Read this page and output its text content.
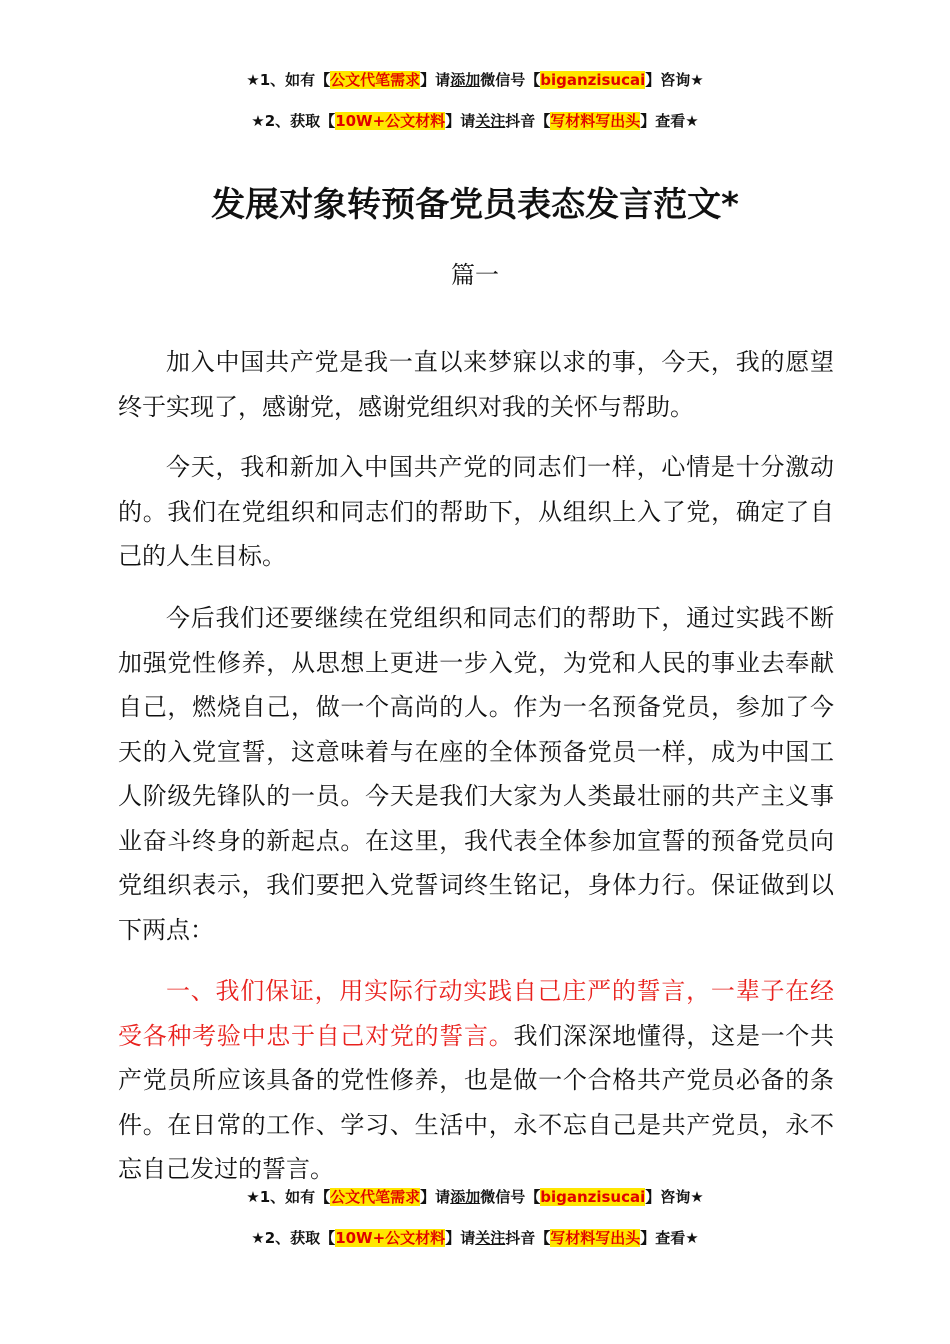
★1、如有【公文代笔需求】请添加微信号【biganzisucai】咨询★
★2、获取【10W+公文材料】请关注抖音【写材料写出头】查看★
发展对象转预备党员表态发言范文*
篇一

加入中国共产党是我一直以来梦寐以求的事，今天，我的愿望终于实现了，感谢党，感谢党组织对我的关怀与帮助。

今天，我和新加入中国共产党的同志们一样，心情是十分激动的。我们在党组织和同志们的帮助下，从组织上入了党，确定了自己的人生目标。

今后我们还要继续在党组织和同志们的帮助下，通过实践不断加强党性修养，从思想上更进一步入党，为党和人民的事业去奉献自己，燃烧自己，做一个高尚的人。作为一名预备党员，参加了今天的入党宣誓，这意味着与在座的全体预备党员一样，成为中国工人阶级先锋队的一员。今天是我们大家为人类最壮丽的共产主义事业奋斗终身的新起点。在这里，我代表全体参加宣誓的预备党员向党组织表示，我们要把入党誓词终生铭记，身体力行。保证做到以下两点：

一、我们保证，用实际行动实践自己庄严的誓言，一辈子在经受各种考验中忠于自己对党的誓言。我们深深地懂得，这是一个共产党员所应该具备的党性修养，也是做一个合格共产党员必备的条件。在日常的工作、学习、生活中，永不忘自己是共产党员，永不忘自己发过的誓言。

★1、如有【公文代笔需求】请添加微信号【biganzisucai】咨询★
★2、获取【10W+公文材料】请关注抖音【写材料写出头】查看★
